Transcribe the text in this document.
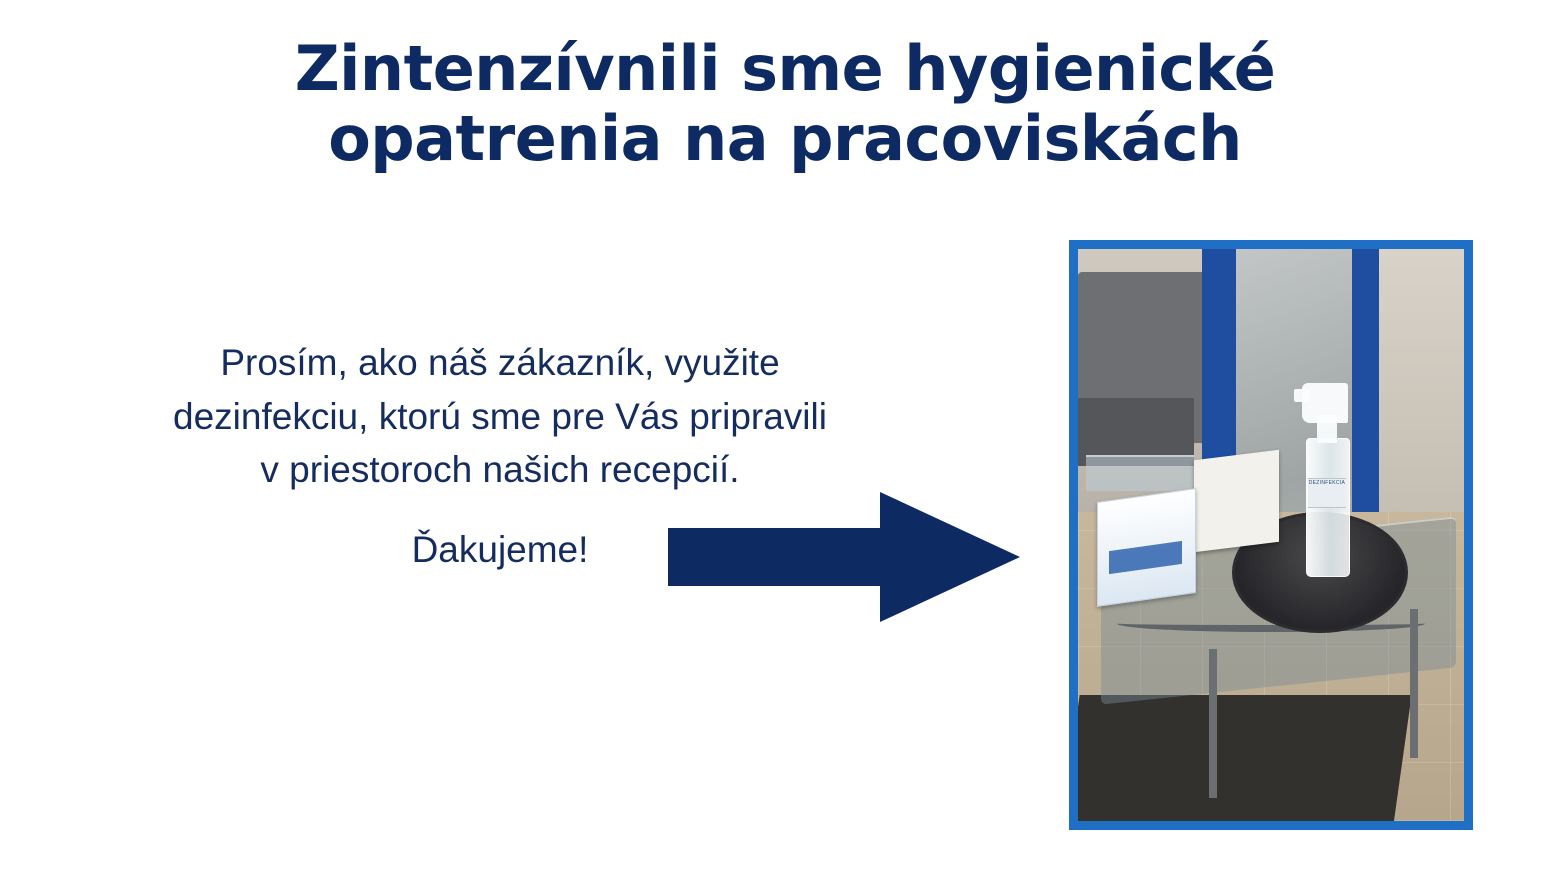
Zintenzívnili sme hygienické
opatrenia na pracoviskách
Prosím, ako náš zákazník, využite
dezinfekciu, ktorú sme pre Vás pripravili
v priestoroch našich recepcií.
Ďakujeme!
DEZINFEKCIA
